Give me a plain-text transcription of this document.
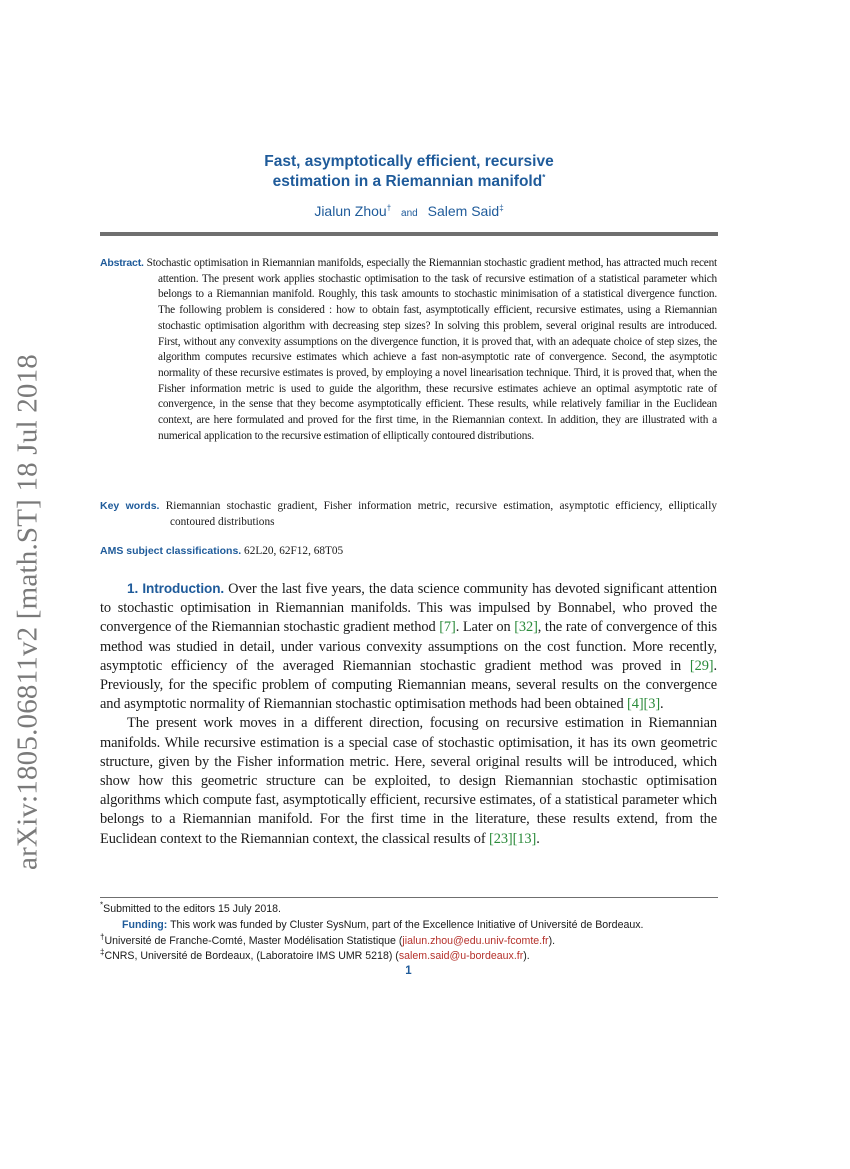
arXiv:1805.06811v2 [math.ST] 18 Jul 2018
Fast, asymptotically efficient, recursive
estimation in a Riemannian manifold*
Jialun Zhou† and Salem Said‡
Abstract. Stochastic optimisation in Riemannian manifolds, especially the Riemannian stochastic gradient method, has attracted much recent attention. The present work applies stochastic optimisation to the task of recursive estimation of a statistical parameter which belongs to a Riemannian manifold. Roughly, this task amounts to stochastic minimisation of a statistical divergence function. The following problem is considered : how to obtain fast, asymptotically efficient, recursive estimates, using a Riemannian stochastic optimisation algorithm with decreasing step sizes? In solving this problem, several original results are introduced. First, without any convexity assumptions on the divergence function, it is proved that, with an adequate choice of step sizes, the algorithm computes recursive estimates which achieve a fast non-asymptotic rate of convergence. Second, the asymptotic normality of these recursive estimates is proved, by employing a novel linearisation technique. Third, it is proved that, when the Fisher information metric is used to guide the algorithm, these recursive estimates achieve an optimal asymptotic rate of convergence, in the sense that they become asymptotically efficient. These results, while relatively familiar in the Euclidean context, are here formulated and proved for the first time, in the Riemannian context. In addition, they are illustrated with a numerical application to the recursive estimation of elliptically contoured distributions.
Key words. Riemannian stochastic gradient, Fisher information metric, recursive estimation, asymptotic efficiency, elliptically contoured distributions
AMS subject classifications. 62L20, 62F12, 68T05

1. Introduction. Over the last five years, the data science community has devoted significant attention to stochastic optimisation in Riemannian manifolds. This was impulsed by Bonnabel, who proved the convergence of the Riemannian stochastic gradient method [7]. Later on [32], the rate of convergence of this method was studied in detail, under various convexity assumptions on the cost function. More recently, asymptotic efficiency of the averaged Riemannian stochastic gradient method was proved in [29]. Previously, for the specific problem of computing Riemannian means, several results on the convergence and asymptotic normality of Riemannian stochastic optimisation methods had been obtained [4][3].

The present work moves in a different direction, focusing on recursive estimation in Riemannian manifolds. While recursive estimation is a special case of stochastic optimisation, it has its own geometric structure, given by the Fisher information metric. Here, several original results will be introduced, which show how this geometric structure can be exploited, to design Riemannian stochastic optimisation algorithms which compute fast, asymptotically efficient, recursive estimates, of a statistical parameter which belongs to a Riemannian manifold. For the first time in the literature, these results extend, from the Euclidean context to the Riemannian context, the classical results of [23][13].

*Submitted to the editors 15 July 2018.
Funding: This work was funded by Cluster SysNum, part of the Excellence Initiative of Université de Bordeaux.
†Université de Franche-Comté, Master Modélisation Statistique (jialun.zhou@edu.univ-fcomte.fr).
‡CNRS, Université de Bordeaux, (Laboratoire IMS UMR 5218) (salem.said@u-bordeaux.fr).
1
